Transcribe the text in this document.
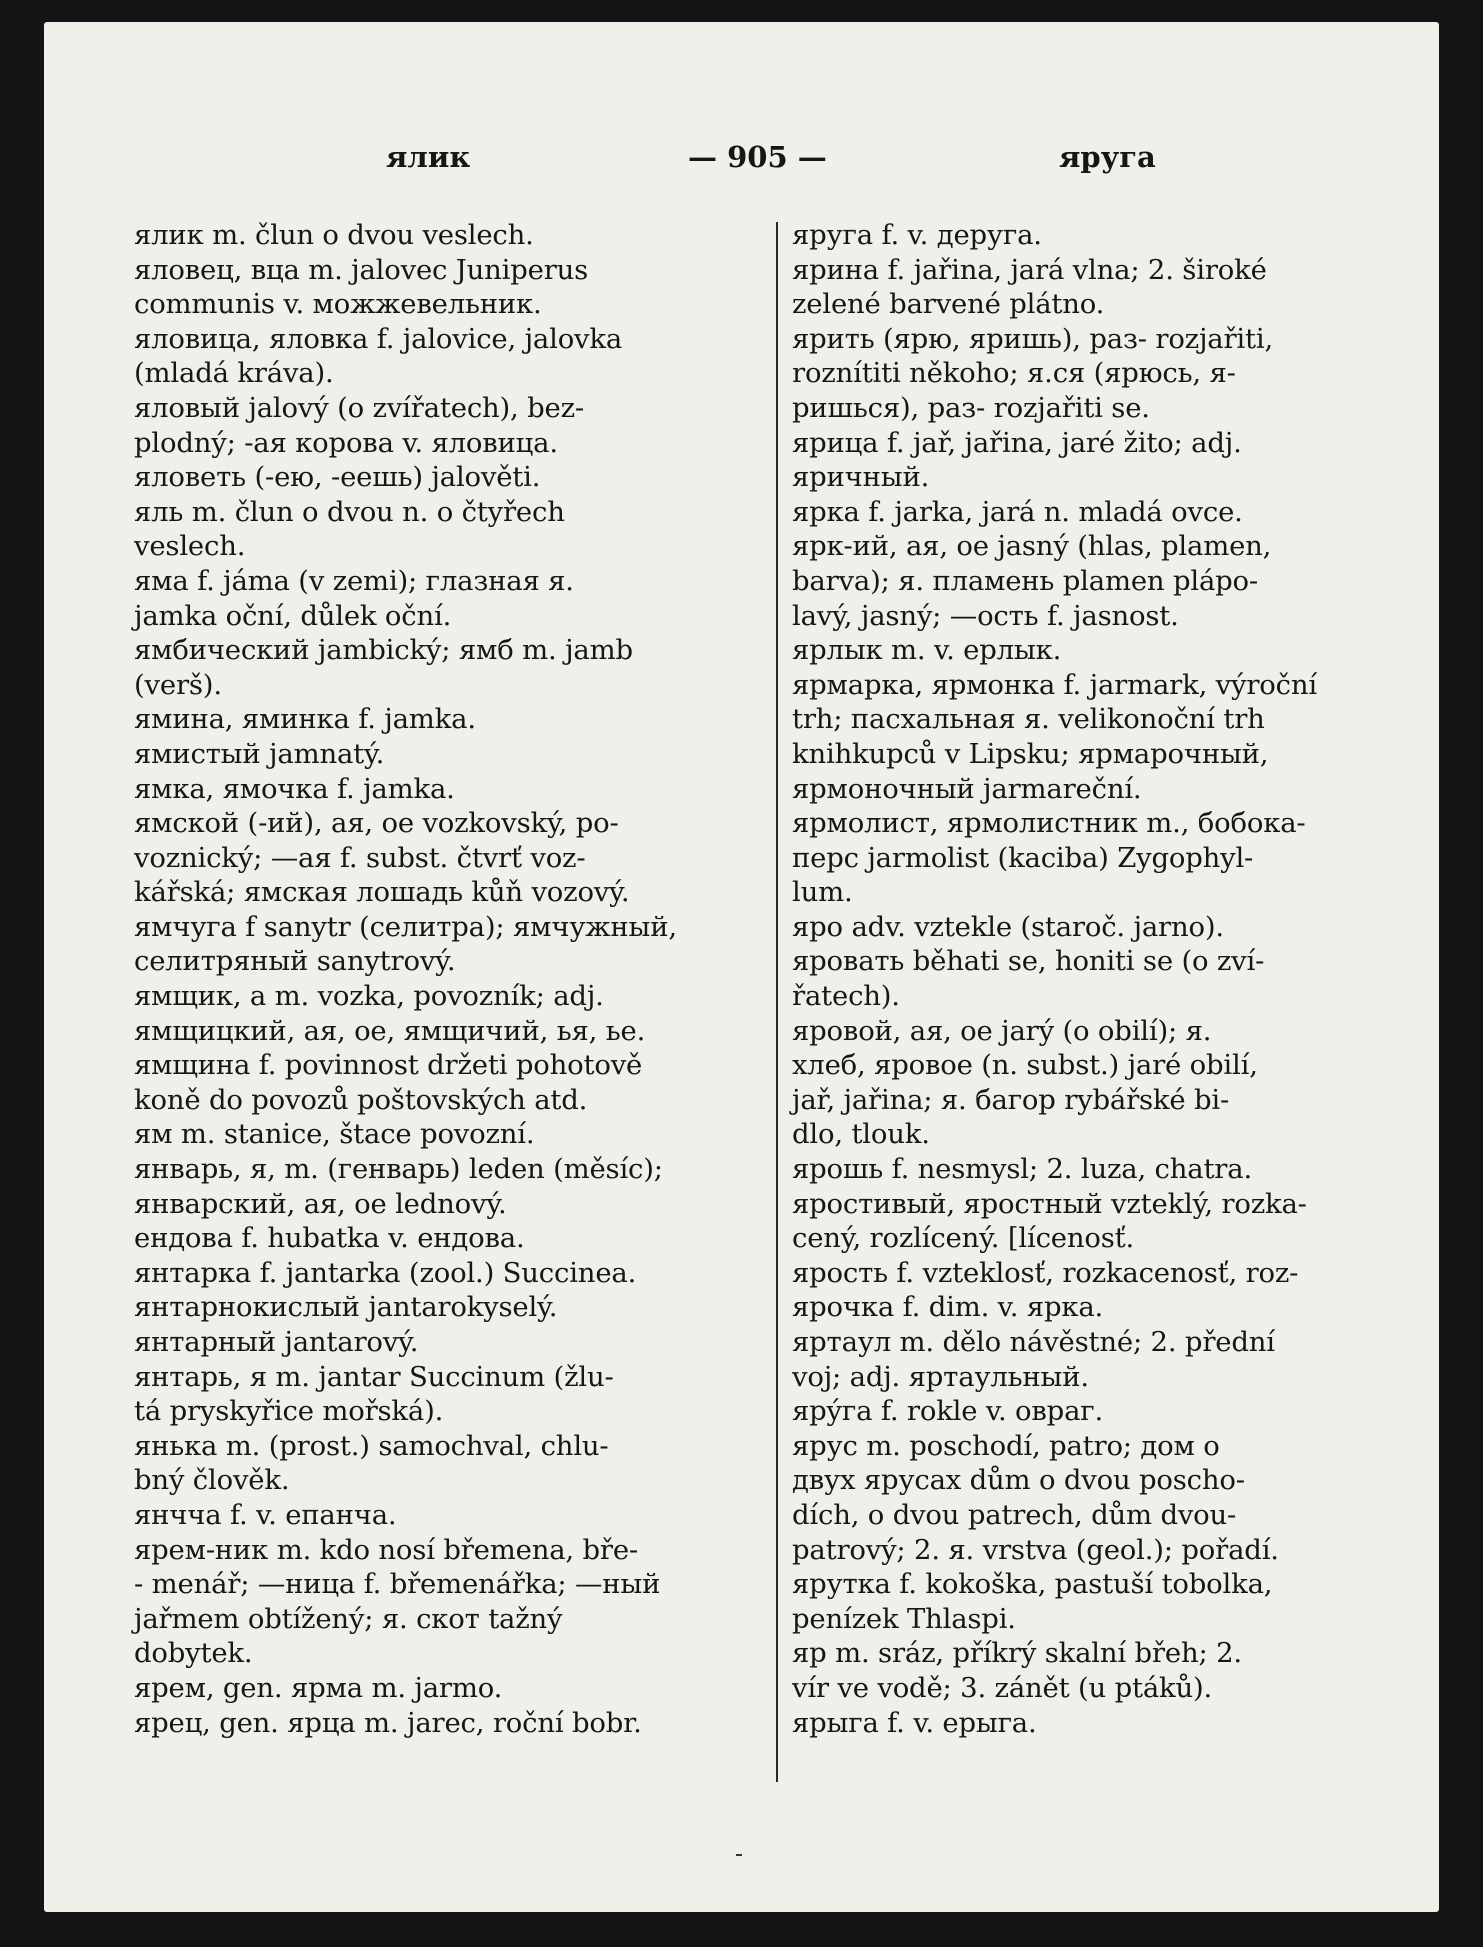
ялик	— 905 —	яруга
ялик m. člun o dvou veslech.
яловец, вца m. jalovec Juniperus
communis v. можжевельник.
яловица, яловка f. jalovice, jalovka
(mladá kráva).
яловый jalový (o zvířatech), bez-
plodný; -ая корова v. яловица.
яловеть (-ею, -еешь) jalověti.
яль m. člun o dvou n. o čtyřech
veslech.
яма f. jáma (v zemi); глазная я.
jamka oční, důlek oční.
ямбический jambický; ямб m. jamb
(verš).
ямина, яминка f. jamka.
ямистый jamnatý.
ямка, ямочка f. jamka.
ямской (-ий), ая, ое vozkovský, po-
voznický; —ая f. subst. čtvrť voz-
kářská; ямская лошадь kůň vozový.
ямчуга f sanytr (селитра); ямчужный,
селитряный sanytrový.
ямщик, а m. vozka, povozník; adj.
ямщицкий, ая, ое, ямщичий, ья, ье.
ямщина f. povinnost držeti pohotově
koně do povozů poštovských atd.
ям m. stanice, štace povozní.
январь, я, m. (генварь) leden (měsíc);
январский, ая, ое lednový.
ендова f. hubatka v. ендова.
янтарка f. jantarka (zool.) Succinea.
янтарнокислый jantarokyselý.
янтарный jantarový.
янтарь, я m. jantar Succinum (žlu-
tá pryskyřice mořská).
янька m. (prost.) samochval, chlu-
bný člověk.
янчча f. v. епанча.
ярем-ник m. kdo nosí břemena, bře-
- menář; —ница f. břemenářka; —ный
jařmem obtížený; я. скот tažný
dobytek.
ярем, gen. ярма m. jarmo.
ярец, gen. ярца m. jarec, roční bobr.
яруга f. v. деруга.
ярина f. jařina, jará vlna; 2. široké
zelené barvené plátno.
ярить (ярю, яришь), раз- rozjařiti,
roznítiti někoho; я.ся (ярюсь, я-
ришься), раз- rozjařiti se.
ярица f. jař, jařina, jaré žito; adj.
яричный.
ярка f. jarka, jará n. mladá ovce.
ярк-ий, ая, ое jasný (hlas, plamen,
barva); я. пламень plamen plápo-
lavý, jasný; —ость f. jasnost.
ярлык m. v. ерлык.
ярмарка, ярмонка f. jarmark, výroční
trh; пасхальная я. velikonoční trh
knihkupců v Lipsku; ярмарочный,
ярмоночный jarmareční.
ярмолист, ярмолистник m., бобока-
перс jarmolist (kaciba) Zygophyl-
lum.
яро adv. vztekle (staroč. jarno).
яровать běhati se, honiti se (o zví-
řatech).
яровой, ая, ое jarý (o obilí); я.
хлеб, яровое (n. subst.) jaré obilí,
jař, jařina; я. багор rybářské bi-
dlo, tlouk.
ярошь f. nesmysl; 2. luza, chatra.
яростивый, яростный vzteklý, rozka-
cený, rozlícený. [lícenosť.
ярость f. vzteklosť, rozkacenosť, roz-
ярочка f. dim. v. ярка.
яртаул m. dělo návěstné; 2. přední
voj; adj. яртаульный.
ярýга f. rokle v. овраг.
ярус m. poschodí, patro; дом o
двух ярусах dům o dvou poscho-
dích, o dvou patrech, dům dvou-
patrový; 2. я. vrstva (geol.); pořadí.
ярутка f. kokoška, pastuší tobolka,
penízek Thlaspi.
яр m. sráz, příkrý skalní břeh; 2.
vír ve vodě; 3. zánět (u ptáků).
ярыга f. v. ерыга.
